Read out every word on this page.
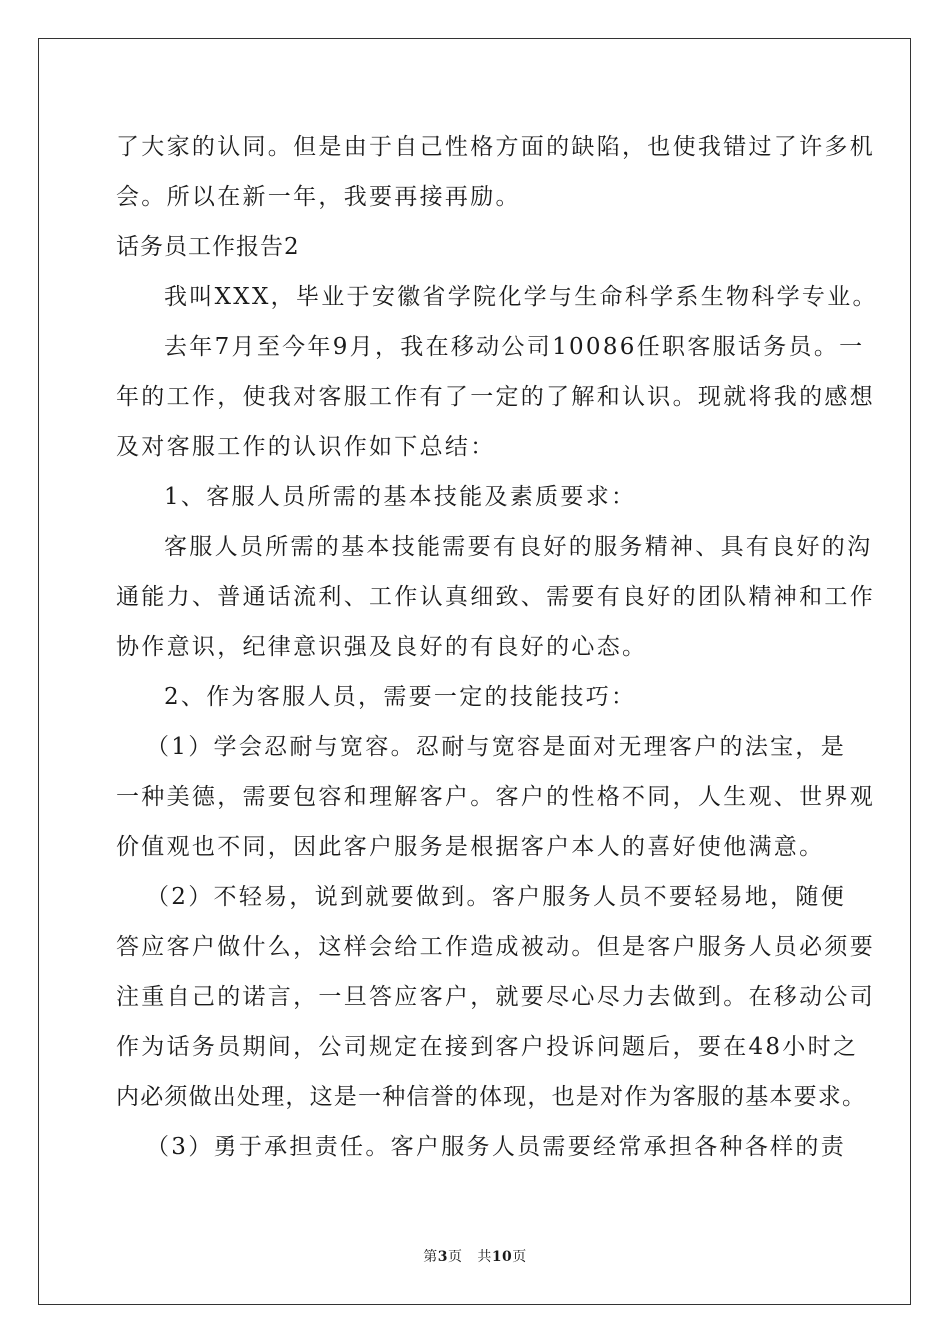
了大家的认同。但是由于自己性格方面的缺陷，也使我错过了许多机
会。所以在新一年，我要再接再励。
话务员工作报告2
我叫XXX，毕业于安徽省学院化学与生命科学系生物科学专业。
去年7月至今年9月，我在移动公司10086任职客服话务员。一
年的工作，使我对客服工作有了一定的了解和认识。现就将我的感想
及对客服工作的认识作如下总结：
1、客服人员所需的基本技能及素质要求：
客服人员所需的基本技能需要有良好的服务精神、具有良好的沟
通能力、普通话流利、工作认真细致、需要有良好的团队精神和工作
协作意识，纪律意识强及良好的有良好的心态。
2、作为客服人员，需要一定的技能技巧：
（1）学会忍耐与宽容。忍耐与宽容是面对无理客户的法宝，是
一种美德，需要包容和理解客户。客户的性格不同，人生观、世界观
价值观也不同，因此客户服务是根据客户本人的喜好使他满意。
（2）不轻易，说到就要做到。客户服务人员不要轻易地，随便
答应客户做什么，这样会给工作造成被动。但是客户服务人员必须要
注重自己的诺言，一旦答应客户，就要尽心尽力去做到。在移动公司
作为话务员期间，公司规定在接到客户投诉问题后，要在48小时之
内必须做出处理，这是一种信誉的体现，也是对作为客服的基本要求。
（3）勇于承担责任。客户服务人员需要经常承担各种各样的责
第3页 共10页
